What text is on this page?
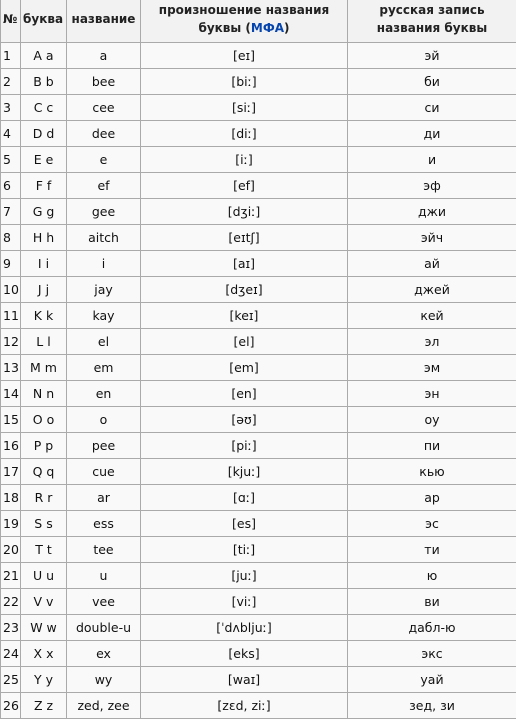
№	буква	название	произношение названия буквы (МФА)	русская запись названия буквы

1	A a	a	[eɪ]	эй
2	B b	bee	[biː]	би
3	C c	cee	[siː]	си
4	D d	dee	[diː]	ди
5	E e	e	[iː]	и
6	F f	ef	[ef]	эф
7	G g	gee	[dʒiː]	джи
8	H h	aitch	[eɪtʃ]	эйч
9	I i	i	[aɪ]	ай
10	J j	jay	[dʒeɪ]	джей
11	K k	kay	[keɪ]	кей
12	L l	el	[el]	эл
13	M m	em	[em]	эм
14	N n	en	[en]	эн
15	O o	o	[əʊ]	оу
16	P p	pee	[piː]	пи
17	Q q	cue	[kjuː]	кью
18	R r	ar	[ɑː]	ар
19	S s	ess	[es]	эс
20	T t	tee	[tiː]	ти
21	U u	u	[juː]	ю
22	V v	vee	[viː]	ви
23	W w	double-u	[ˈdʌbljuː]	дабл-ю
24	X x	ex	[eks]	экс
25	Y y	wy	[waɪ]	уай
26	Z z	zed, zee	[zɛd, ziː]	зед, зи
